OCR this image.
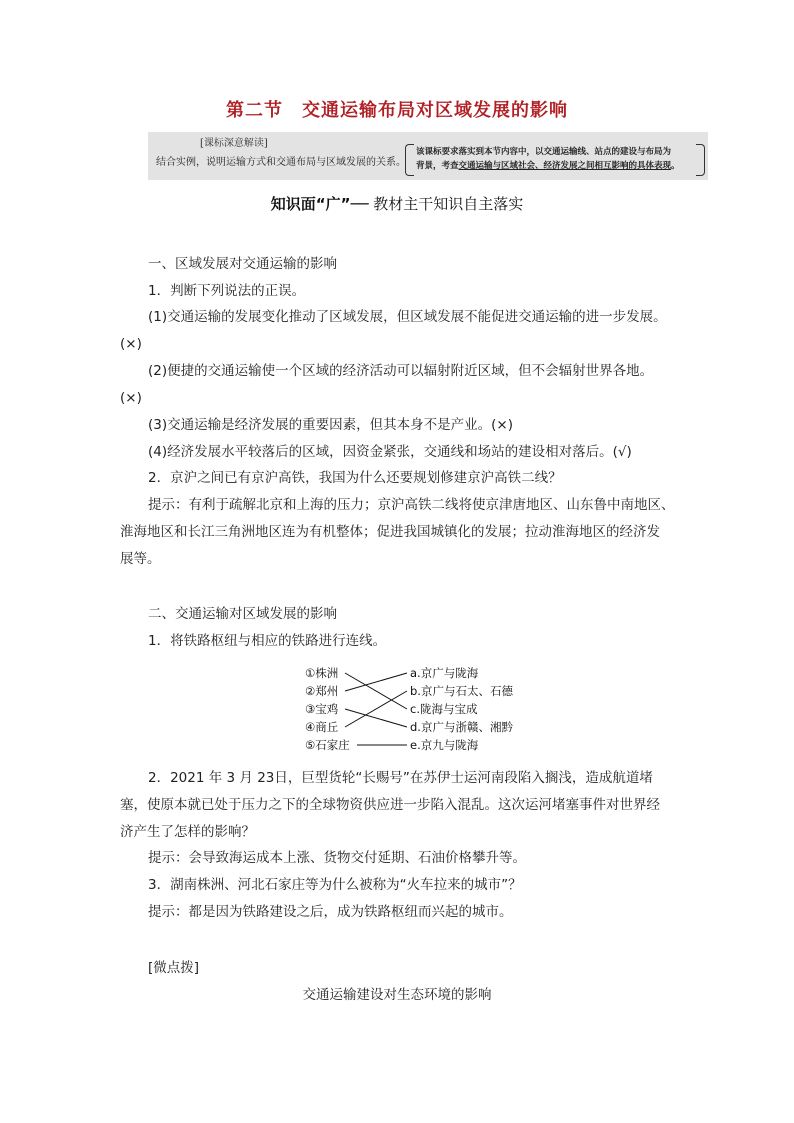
第二节　交通运输布局对区域发展的影响
[课标深意解读]
结合实例，说明运输方式和交通布局与区域发展的关系。
该课标要求落实到本节内容中，以交通运输线、站点的建设与布局为
背景，考查交通运输与区域社会、经济发展之间相互影响的具体表现。
知识面“广”── 教材主干知识自主落实
一、区域发展对交通运输的影响
1．判断下列说法的正误。
(1)交通运输的发展变化推动了区域发展，但区域发展不能促进交通运输的进一步发展。
(×)
(2)便捷的交通运输使一个区域的经济活动可以辐射附近区域，但不会辐射世界各地。
(×)
(3)交通运输是经济发展的重要因素，但其本身不是产业。(×)
(4)经济发展水平较落后的区域，因资金紧张，交通线和场站的建设相对落后。(√)
2．京沪之间已有京沪高铁，我国为什么还要规划修建京沪高铁二线？
提示：有利于疏解北京和上海的压力；京沪高铁二线将使京津唐地区、山东鲁中南地区、
淮海地区和长江三角洲地区连为有机整体；促进我国城镇化的发展；拉动淮海地区的经济发
展等。
二、交通运输对区域发展的影响
1．将铁路枢纽与相应的铁路进行连线。
①株洲
②郑州
③宝鸡
④商丘
⑤石家庄
a.京广与陇海
b.京广与石太、石德
c.陇海与宝成
d.京广与浙赣、湘黔
e.京九与陇海
2．2021 年 3 月 23日，巨型货轮“长赐号”在苏伊士运河南段陷入搁浅，造成航道堵
塞，使原本就已处于压力之下的全球物资供应进一步陷入混乱。这次运河堵塞事件对世界经
济产生了怎样的影响？
提示：会导致海运成本上涨、货物交付延期、石油价格攀升等。
3．湖南株洲、河北石家庄等为什么被称为“火车拉来的城市”？
提示：都是因为铁路建设之后，成为铁路枢纽而兴起的城市。
[微点拨]
交通运输建设对生态环境的影响
